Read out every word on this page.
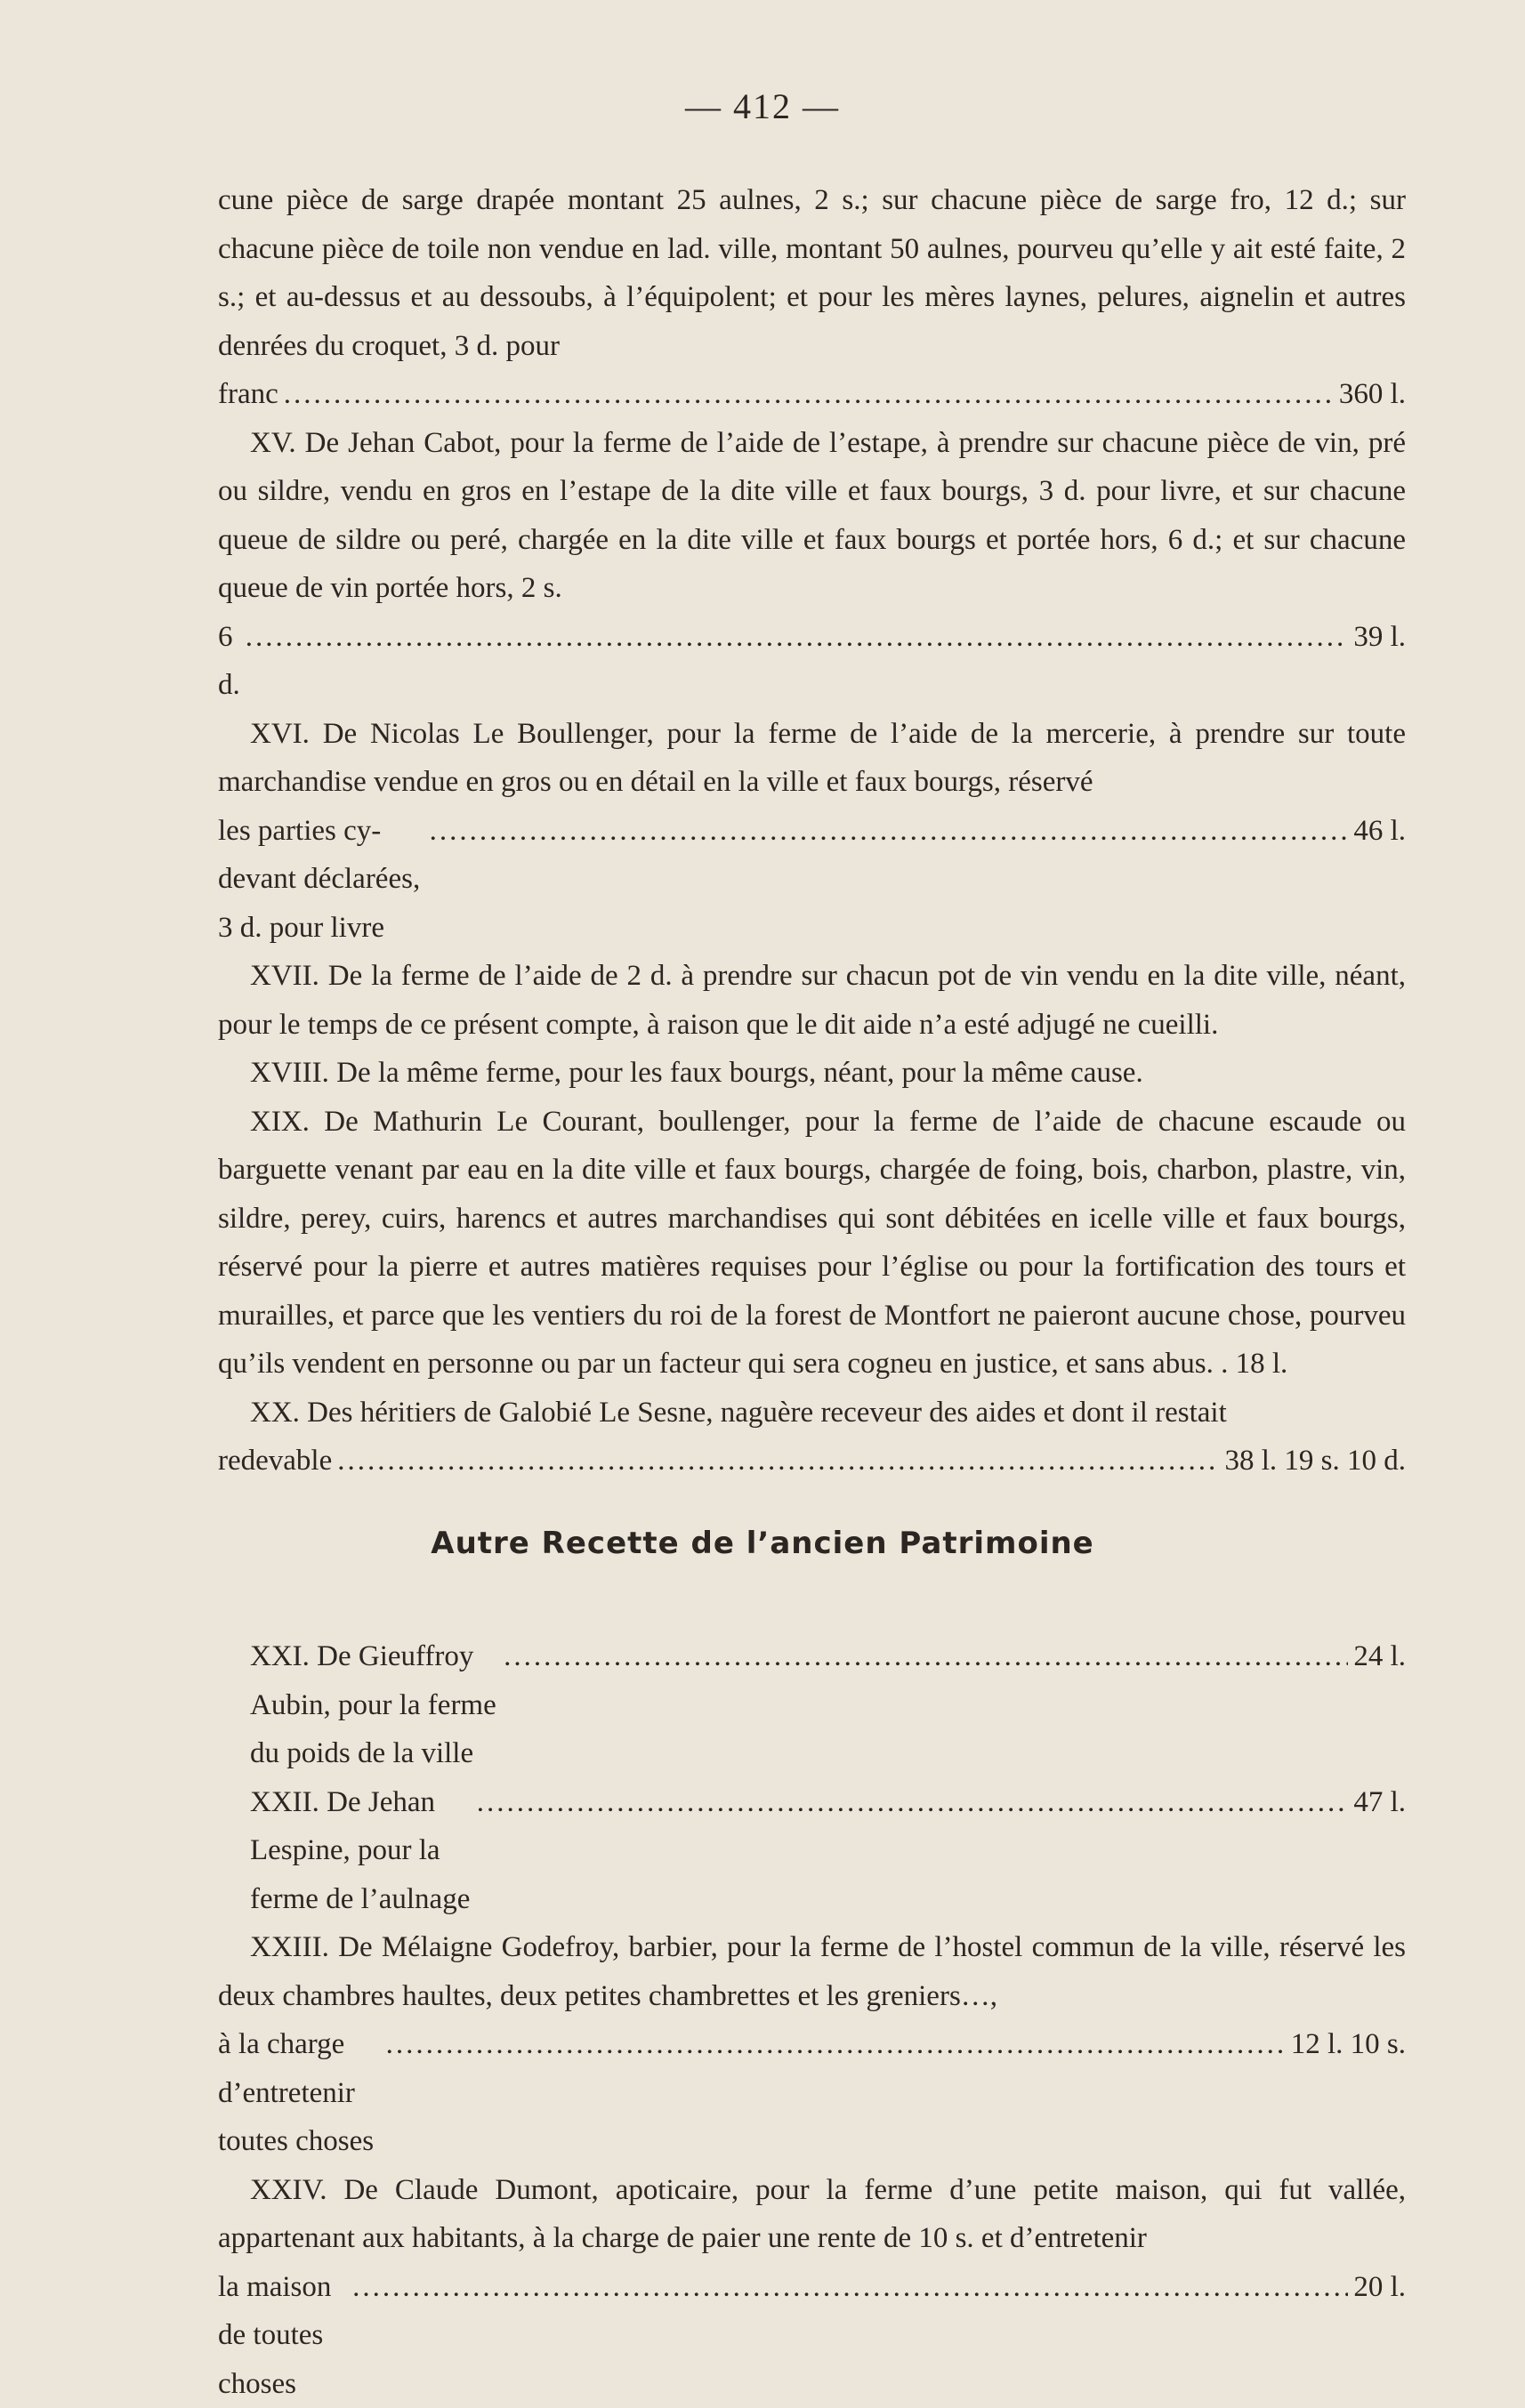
— 412 —

cune pièce de sarge drapée montant 25 aulnes, 2 s.; sur chacune pièce de sarge fro, 12 d.; sur chacune pièce de toile non vendue en lad. ville, montant 50 aulnes, pourveu qu’elle y ait esté faite, 2 s.; et au-dessus et au dessoubs, à l’équipolent; et pour les mères laynes, pelures, aignelin et autres denrées du croquet, 3 d. pour

franc .....	360 l.

XV. De Jehan Cabot, pour la ferme de l’aide de l’estape, à prendre sur chacune pièce de vin, pré ou sildre, vendu en gros en l’estape de la dite ville et faux bourgs, 3 d. pour livre, et sur chacune queue de sildre ou peré, chargée en la dite ville et faux bourgs et portée hors, 6 d.; et sur chacune queue de vin portée hors, 2 s.

6 d.
.....
39 l.

XVI. De Nicolas Le Boullenger, pour la ferme de l’aide de la mercerie, à prendre sur toute marchandise vendue en gros ou en détail en la ville et faux bourgs, réservé

les parties cy-devant déclarées, 3 d. pour livre
.....
46 l.

XVII. De la ferme de l’aide de 2 d. à prendre sur chacun pot de vin vendu en la dite ville, néant, pour le temps de ce présent compte, à raison que le dit aide n’a esté adjugé ne cueilli.

XVIII. De la même ferme, pour les faux bourgs, néant, pour la même cause.

XIX. De Mathurin Le Courant, boullenger, pour la ferme de l’aide de chacune escaude ou barguette venant par eau en la dite ville et faux bourgs, chargée de foing, bois, charbon, plastre, vin, sildre, perey, cuirs, harencs et autres marchandises qui sont débitées en icelle ville et faux bourgs, réservé pour la pierre et autres matières requises pour l’église ou pour la fortification des tours et murailles, et parce que les ventiers du roi de la forest de Montfort ne paieront aucune chose, pourveu qu’ils vendent en personne ou par un facteur qui sera cogneu en justice, et sans abus. . 18 l.

XX. Des héritiers de Galobié Le Sesne, naguère receveur des aides et dont il restait

redevable .....	38 l. 19 s. 10 d.
Autre Recette de l’ancien Patrimoine
XXI. De Gieuffroy Aubin, pour la ferme du poids de la ville
.....
24 l.
XXII. De Jehan Lespine, pour la ferme de l’aulnage
.....
47 l.

XXIII. De Mélaigne Godefroy, barbier, pour la ferme de l’hostel commun de la ville, réservé les deux chambres haultes, deux petites chambrettes et les greniers…,

à la charge d’entretenir toutes choses
.....
12 l. 10 s.

XXIV. De Claude Dumont, apoticaire, pour la ferme d’une petite maison, qui fut vallée, appartenant aux habitants, à la charge de paier une rente de 10 s. et d’entretenir

la maison de toutes choses
.....
20 l.
